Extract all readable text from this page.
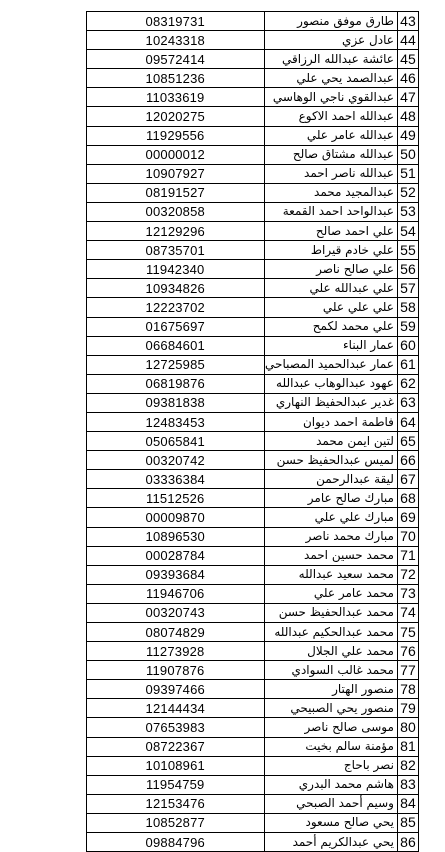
08319731	طارق موفق منصور	43
10243318	عادل عزي	44
09572414	عائشة عبدالله الرزاقي	45
10851236	عبدالصمد يحي علي	46
11033619	عبدالقوي ناجي الوهاسي	47
12020275	عبدالله احمد الاكوع	48
11929556	عبدالله عامر علي	49
00000012	عبدالله مشتاق صالح	50
10907927	عبدالله ناصر احمد	51
08191527	عبدالمجيد محمد	52
00320858	عبدالواحد احمد القمعة	53
12129296	علي احمد صالح	54
08735701	علي خادم قيراط	55
11942340	علي صالح ناصر	56
10934826	علي عبدالله علي	57
12223702	علي علي علي	58
01675697	علي محمد لكمح	59
06684601	عمار البناء	60
12725985	عمار عبدالحميد المصباحي	61
06819876	عهود عبدالوهاب عبدالله	62
09381838	غدير عبدالحفيظ النهاري	63
12483453	فاطمة احمد ديوان	64
05065841	لتين ايمن محمد	65
00320742	لميس عبدالحفيظ حسن	66
03336384	ليقة عبدالرحمن	67
11512526	مبارك صالح عامر	68
00009870	مبارك علي علي	69
10896530	مبارك محمد ناصر	70
00028784	محمد حسين احمد	71
09393684	محمد سعيد عبدالله	72
11946706	محمد عامر علي	73
00320743	محمد عبدالحفيظ حسن	74
08074829	محمد عبدالحكيم عبدالله	75
11273928	محمد علي الجلال	76
11907876	محمد غالب السوادي	77
09397466	منصور الهتار	78
12144434	منصور يحي الصبيحي	79
07653983	موسى صالح ناصر	80
08722367	مؤمنة سالم بخيت	81
10108961	نصر باحاج	82
11954759	هاشم محمد البدري	83
12153476	وسيم أحمد الصبحي	84
10852877	يحي صالح مسعود	85
09884796	يحي عبدالكريم أحمد	86
